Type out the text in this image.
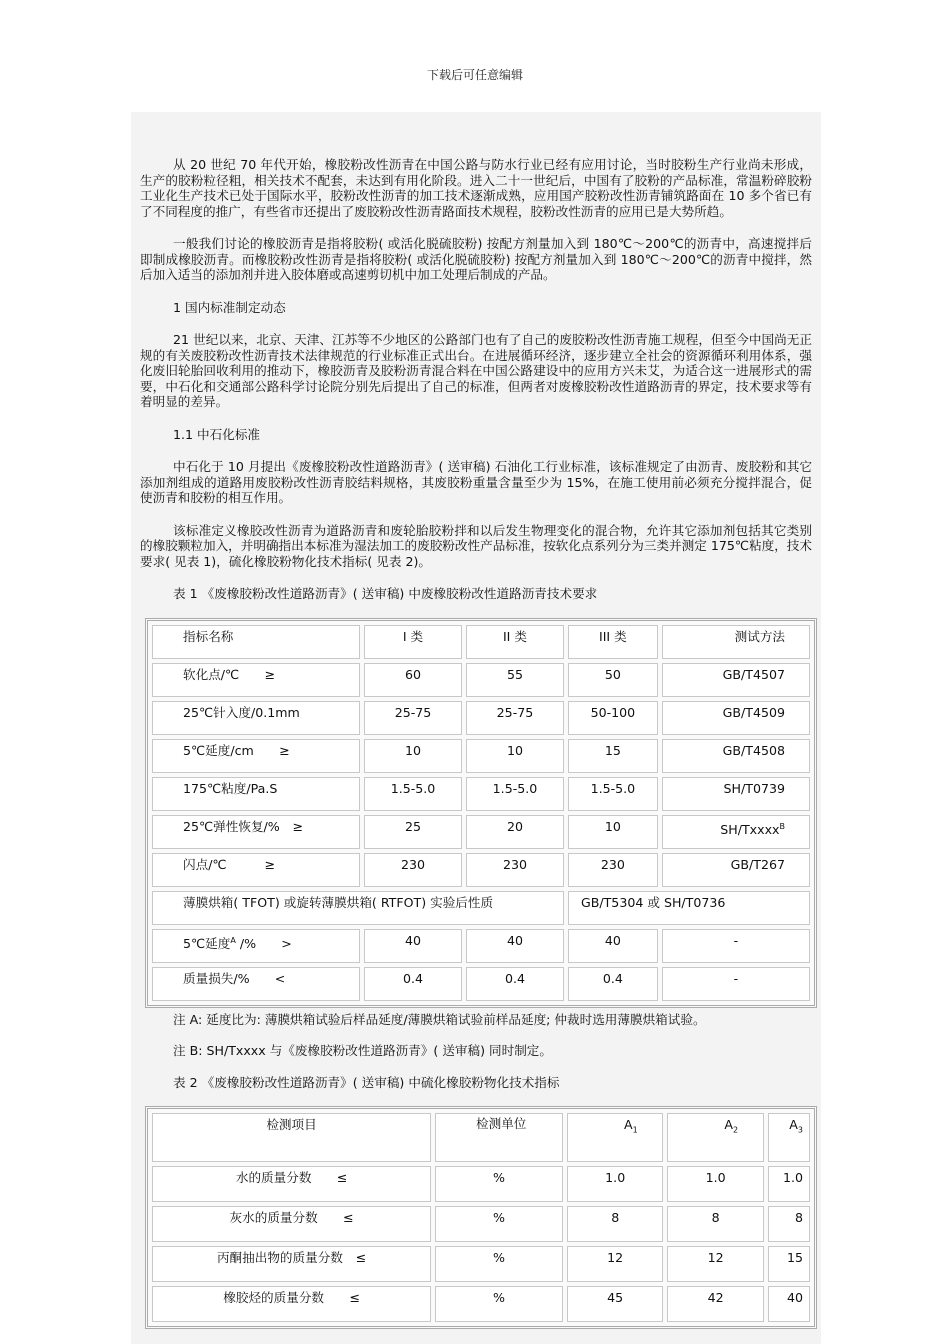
下载后可任意编辑

从 20 世纪 70 年代开始，橡胶粉改性沥青在中国公路与防水行业已经有应用讨论，当时胶粉生产行业尚未形成，生产的胶粉粒径粗，相关技术不配套，未达到有用化阶段。进入二十一世纪后，中国有了胶粉的产品标准，常温粉碎胶粉工业化生产技术已处于国际水平，胶粉改性沥青的加工技术逐渐成熟，应用国产胶粉改性沥青铺筑路面在 10 多个省已有了不同程度的推广，有些省市还提出了废胶粉改性沥青路面技术规程，胶粉改性沥青的应用已是大势所趋。

一般我们讨论的橡胶沥青是指将胶粉( 或活化脱硫胶粉) 按配方剂量加入到 180℃～200℃的沥青中，高速搅拌后即制成橡胶沥青。而橡胶粉改性沥青是指将胶粉( 或活化脱硫胶粉) 按配方剂量加入到 180℃～200℃的沥青中搅拌，然后加入适当的添加剂并进入胶体磨或高速剪切机中加工处理后制成的产品。

1 国内标准制定动态

21 世纪以来，北京、天津、江苏等不少地区的公路部门也有了自己的废胶粉改性沥青施工规程，但至今中国尚无正规的有关废胶粉改性沥青技术法律规范的行业标准正式出台。在进展循环经济，逐步建立全社会的资源循环利用体系，强化废旧轮胎回收利用的推动下，橡胶沥青及胶粉沥青混合料在中国公路建设中的应用方兴未艾，为适合这一进展形式的需要，中石化和交通部公路科学讨论院分别先后提出了自己的标准，但两者对废橡胶粉改性道路沥青的界定，技术要求等有着明显的差异。

1.1 中石化标准

中石化于 10 月提出《废橡胶粉改性道路沥青》( 送审稿) 石油化工行业标准，该标准规定了由沥青、废胶粉和其它添加剂组成的道路用废胶粉改性沥青胶结料规格，其废胶粉重量含量至少为 15%，在施工使用前必须充分搅拌混合，促使沥青和胶粉的相互作用。

该标准定义橡胶改性沥青为道路沥青和废轮胎胶粉拌和以后发生物理变化的混合物，允许其它添加剂包括其它类别的橡胶颗粒加入，并明确指出本标准为湿法加工的废胶粉改性产品标准，按软化点系列分为三类并测定 175℃粘度，技术要求( 见表 1)，硫化橡胶粉物化技术指标( 见表 2)。

表 1 《废橡胶粉改性道路沥青》( 送审稿) 中废橡胶粉改性道路沥青技术要求

指标名称	I 类	II 类	III 类	测试方法
软化点/℃　　≥	60	55	50	GB/T4507
25℃针入度/0.1mm	25-75	25-75	50-100	GB/T4509
5℃延度/cm　　≥	10	10	15	GB/T4508
175℃粘度/Pa.S	1.5-5.0	1.5-5.0	1.5-5.0	SH/T0739
25℃弹性恢复/%　≥	25	20	10	SH/Txxxx$^B$
闪点/℃　　　≥	230	230	230	GB/T267
薄膜烘箱( TFOT) 或旋转薄膜烘箱( RTFOT) 实验后性质			GB/T5304 或 SH/T0736	
5℃延度$^A$ /%　　>	40	40	40	-
质量损失/%　　<	0.4	0.4	0.4	-

注 A: 延度比为: 薄膜烘箱试验后样品延度/薄膜烘箱试验前样品延度; 仲裁时选用薄膜烘箱试验。

注 B: SH/Txxxx 与《废橡胶粉改性道路沥青》( 送审稿) 同时制定。

表 2 《废橡胶粉改性道路沥青》( 送审稿) 中硫化橡胶粉物化技术指标

检测项目	检测单位	$A_1$	$A_2$	$A_3$
水的质量分数　　≤	%	1.0	1.0	1.0
灰水的质量分数　　≤	%	8	8	8
丙酮抽出物的质量分数　≤	%	12	12	15
橡胶烃的质量分数　　≤	%	45	42	40
